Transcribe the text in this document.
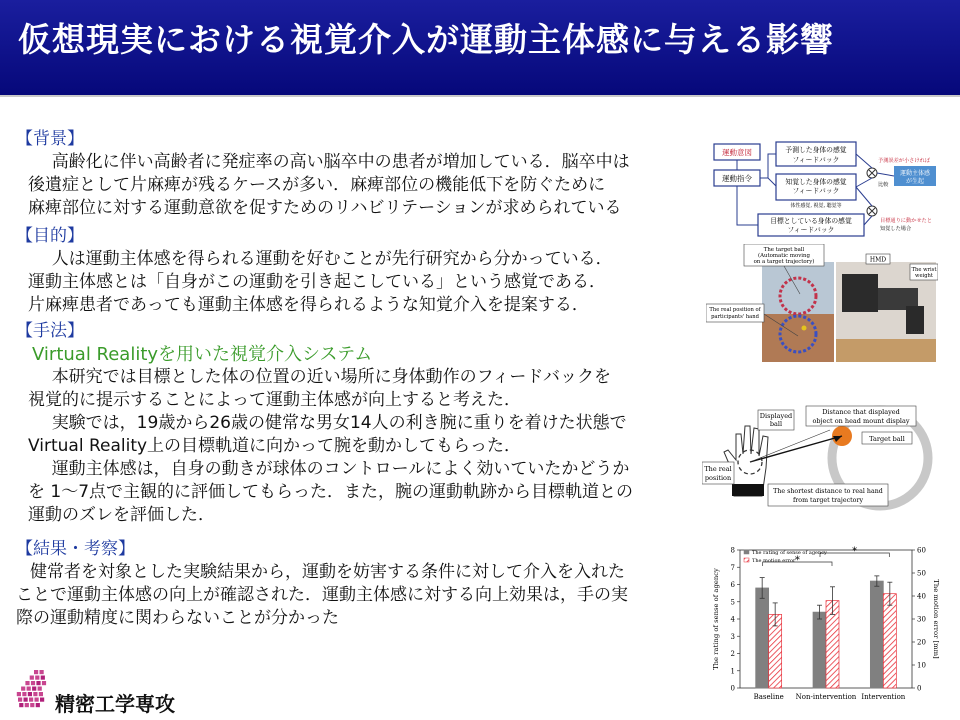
仮想現実における視覚介入が運動主体感に与える影響
【背景】
高齢化に伴い高齢者に発症率の高い脳卒中の患者が増加している．脳卒中は
後遺症として片麻痺が残るケースが多い．麻痺部位の機能低下を防ぐために
麻痺部位に対する運動意欲を促すためのリハビリテーションが求められている
【目的】
人は運動主体感を得られる運動を好むことが先行研究から分かっている．
運動主体感とは「自身がこの運動を引き起こしている」という感覚である．
片麻痺患者であっても運動主体感を得られるような知覚介入を提案する．
【手法】
Virtual Realityを用いた視覚介入システム
本研究では目標とした体の位置の近い場所に身体動作のフィードバックを
視覚的に提示することによって運動主体感が向上すると考えた．
実験では，19歳から26歳の健常な男女14人の利き腕に重りを着けた状態で
Virtual Reality上の目標軌道に向かって腕を動かしてもらった．
運動主体感は，自身の動きが球体のコントロールによく効いていたかどうか
を 1～7点で主観的に評価してもらった．また，腕の運動軌跡から目標軌道との
運動のズレを評価した．
【結果・考察】
健常者を対象とした実験結果から，運動を妨害する条件に対して介入を入れた
ことで運動主体感の向上が確認された．運動主体感に対する向上効果は，手の実
際の運動精度に関わらないことが分かった
運動意図
運動指令
予測した身体の感覚
フィードバック
知覚した身体の感覚
フィードバック
体性感覚, 視覚, 聴覚等
目標としている身体の感覚
フィードバック
予測誤差が小さければ
比較
運動主体感
が生起
目標通りに動かせたと
知覚した場合
The target ball
(Automatic moving
on a target trajectory)	HMD
The wrist
weight
The real position of
participants' hand
Displayed
ball
Distance that displayed
object on head mount display
Target ball
The real
position
The shortest distance to real hand
from target trajectory
0
1
2
3
4
5
6
7
8
0
10
20
30
40
50
60
The rating of sense of agency	The motion error [mm]
Baseline Non-intervention Intervention
*
*
The rating of sense of agency
The motion error
精密工学専攻
